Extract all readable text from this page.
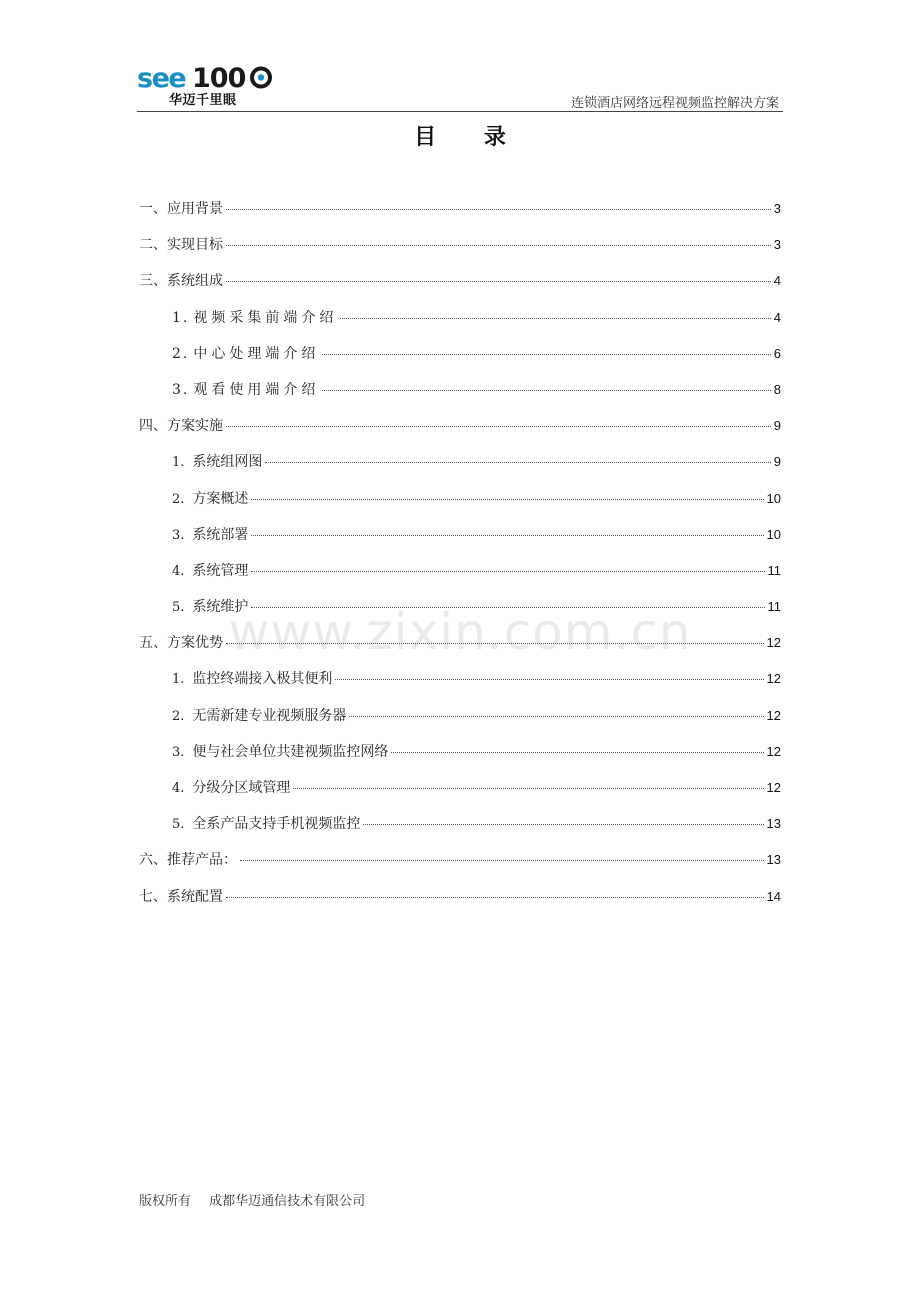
see 100
华迈千里眼	连锁酒店网络远程视频监控解决方案
目 录
www.zixin.com.cn
一、 应用背景	3
二、 实现目标	3
三、 系统组成	4
1. 视频采集前端介绍	4
2. 中心处理端介绍	6
3. 观看使用端介绍	8
四、 方案实施	9
1. 系统组网图	9
2. 方案概述	10
3. 系统部署	10
4. 系统管理	11
5. 系统维护	11
五、 方案优势	12
1. 监控终端接入极其便利	12
2. 无需新建专业视频服务器	12
3. 便与社会单位共建视频监控网络	12
4. 分级分区域管理	12
5. 全系产品支持手机视频监控	13
六、 推荐产品：	13
七、 系统配置	14
版权所有 成都华迈通信技术有限公司
